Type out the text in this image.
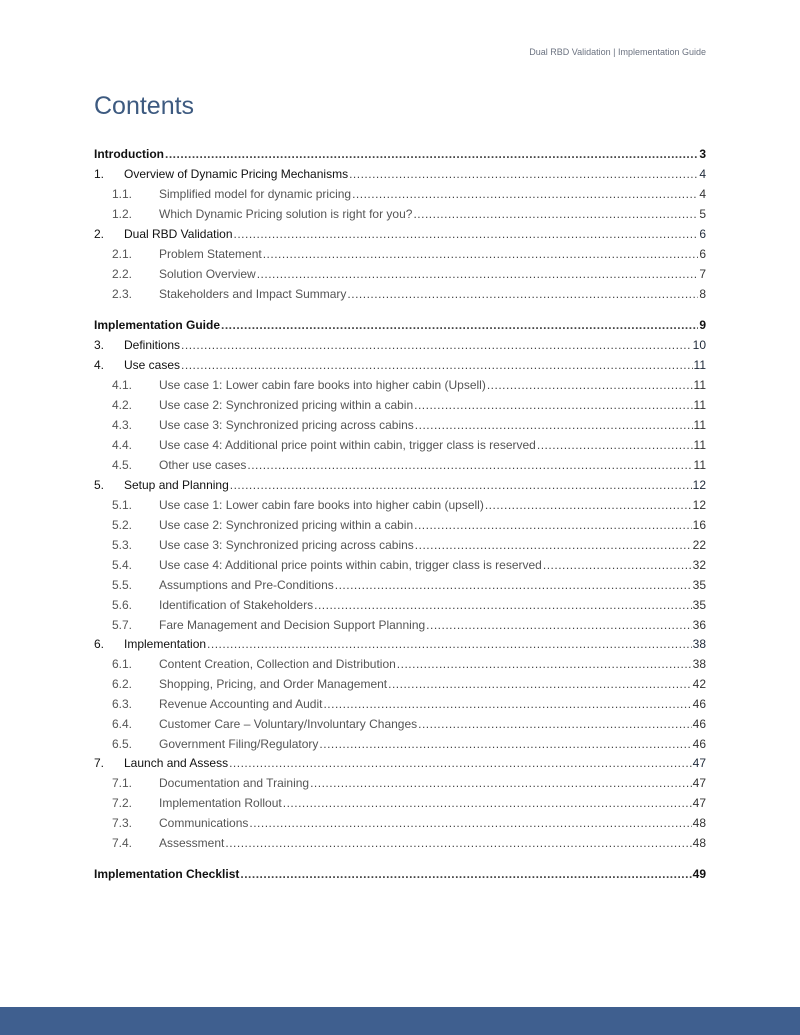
Dual RBD Validation | Implementation Guide
Contents
Introduction .....	3
1.	Overview of Dynamic Pricing Mechanisms .....	4
1.1.	Simplified model for dynamic pricing .....	4
1.2.	Which Dynamic Pricing solution is right for you? .....	5
2.	Dual RBD Validation .....	6
2.1.	Problem Statement .....	6
2.2.	Solution Overview .....	7
2.3.	Stakeholders and Impact Summary .....	8
Implementation Guide .....	9
3.	Definitions .....	10
4.	Use cases .....	11
4.1.	Use case 1: Lower cabin fare books into higher cabin (Upsell) .....	11
4.2.	Use case 2: Synchronized pricing within a cabin .....	11
4.3.	Use case 3: Synchronized pricing across cabins .....	11
4.4.	Use case 4: Additional price point within cabin, trigger class is reserved .....	11
4.5.	Other use cases .....	11
5.	Setup and Planning .....	12
5.1.	Use case 1: Lower cabin fare books into higher cabin (upsell) .....	12
5.2.	Use case 2: Synchronized pricing within a cabin .....	16
5.3.	Use case 3: Synchronized pricing across cabins .....	22
5.4.	Use case 4: Additional price points within cabin, trigger class is reserved .....	32
5.5.	Assumptions and Pre-Conditions .....	35
5.6.	Identification of Stakeholders .....	35
5.7.	Fare Management and Decision Support Planning .....	36
6.	Implementation .....	38
6.1.	Content Creation, Collection and Distribution .....	38
6.2.	Shopping, Pricing, and Order Management .....	42
6.3.	Revenue Accounting and Audit .....	46
6.4.	Customer Care – Voluntary/Involuntary Changes .....	46
6.5.	Government Filing/Regulatory .....	46
7.	Launch and Assess .....	47
7.1.	Documentation and Training .....	47
7.2.	Implementation Rollout .....	47
7.3.	Communications .....	48
7.4.	Assessment .....	48
Implementation Checklist .....	49
